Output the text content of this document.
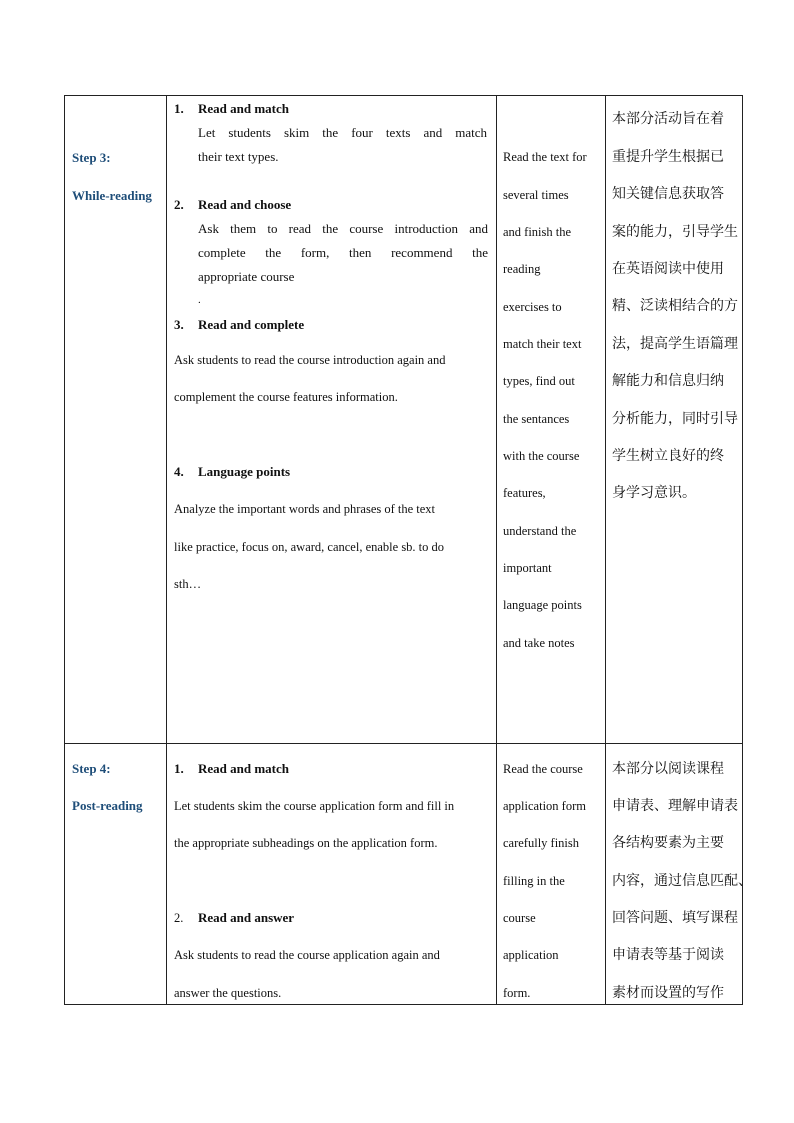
Step 3:
While-reading
1. Read and match
Let students skim the four texts and match
their text types.
2. Read and choose
Ask them to read the course introduction and
complete the form, then recommend the
appropriate course
.
3. Read and complete
Ask students to read the course introduction again and
complement the course features information.
4. Language points
Analyze the important words and phrases of the text
like practice, focus on, award, cancel, enable sb. to do
sth…
Read the text for
several times
and finish the
reading
exercises to
match their text
types, find out
the sentances
with the course
features,
understand the
important
language points
and take notes
本部分活动旨在着
重提升学生根据已
知关键信息获取答
案的能力，引导学生
在英语阅读中使用
精、泛读相结合的方
法，提高学生语篇理
解能力和信息归纳
分析能力，同时引导
学生树立良好的终
身学习意识。
Step 4:
Post-reading
1. Read and match
Let students skim the course application form and fill in
the appropriate subheadings on the application form.
2. Read and answer
Ask students to read the course application again and
answer the questions.
Read the course
application form
carefully finish
filling in the
course
application
form.
本部分以阅读课程
申请表、理解申请表
各结构要素为主要
内容，通过信息匹配、
回答问题、填写课程
申请表等基于阅读
素材而设置的写作
